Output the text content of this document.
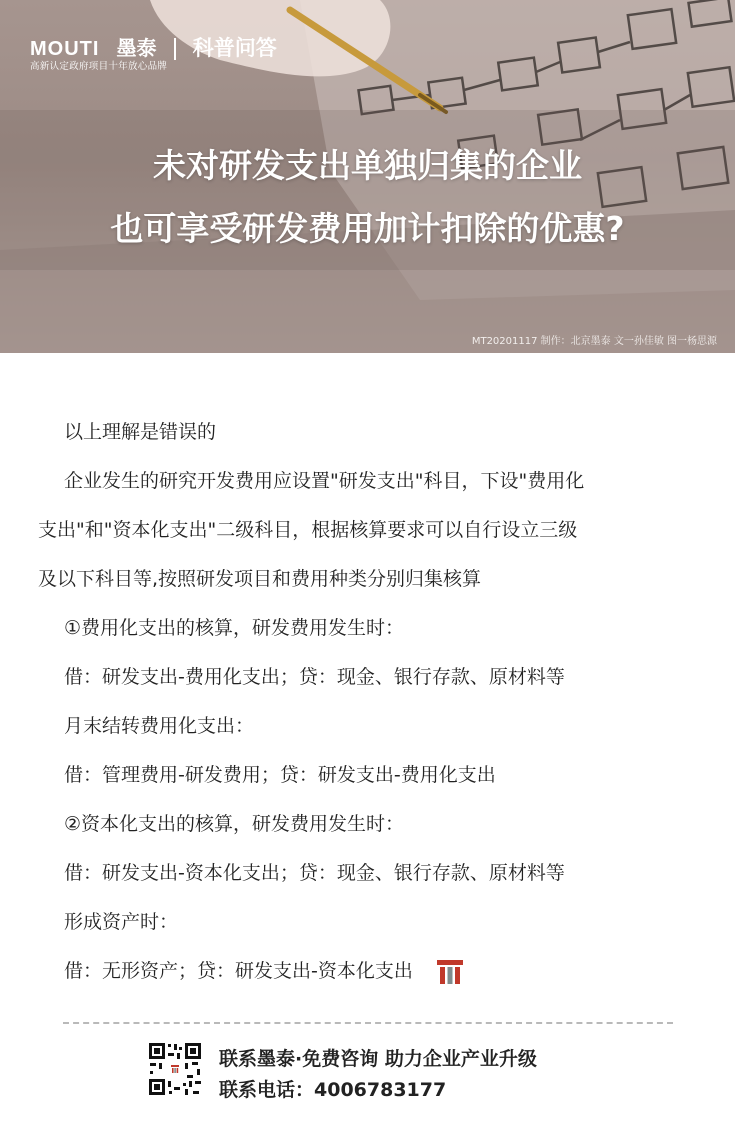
MOUTI 墨泰 科普问答
高新认定政府项目十年放心品牌
未对研发支出单独归集的企业
也可享受研发费用加计扣除的优惠?
MT20201117 制作：北京墨泰 文一孙佳敏 图一杨思源

以上理解是错误的

企业发生的研究开发费用应设置"研发支出"科目，下设"费用化

支出"和"资本化支出"二级科目，根据核算要求可以自行设立三级

及以下科目等,按照研发项目和费用种类分别归集核算

①费用化支出的核算，研发费用发生时：

借：研发支出-费用化支出；贷：现金、银行存款、原材料等

月末结转费用化支出：

借：管理费用-研发费用；贷：研发支出-费用化支出

②资本化支出的核算，研发费用发生时：

借：研发支出-资本化支出；贷：现金、银行存款、原材料等

形成资产时：

借：无形资产；贷：研发支出-资本化支出

联系墨泰·免费咨询 助力企业产业升级
联系电话：4006783177
